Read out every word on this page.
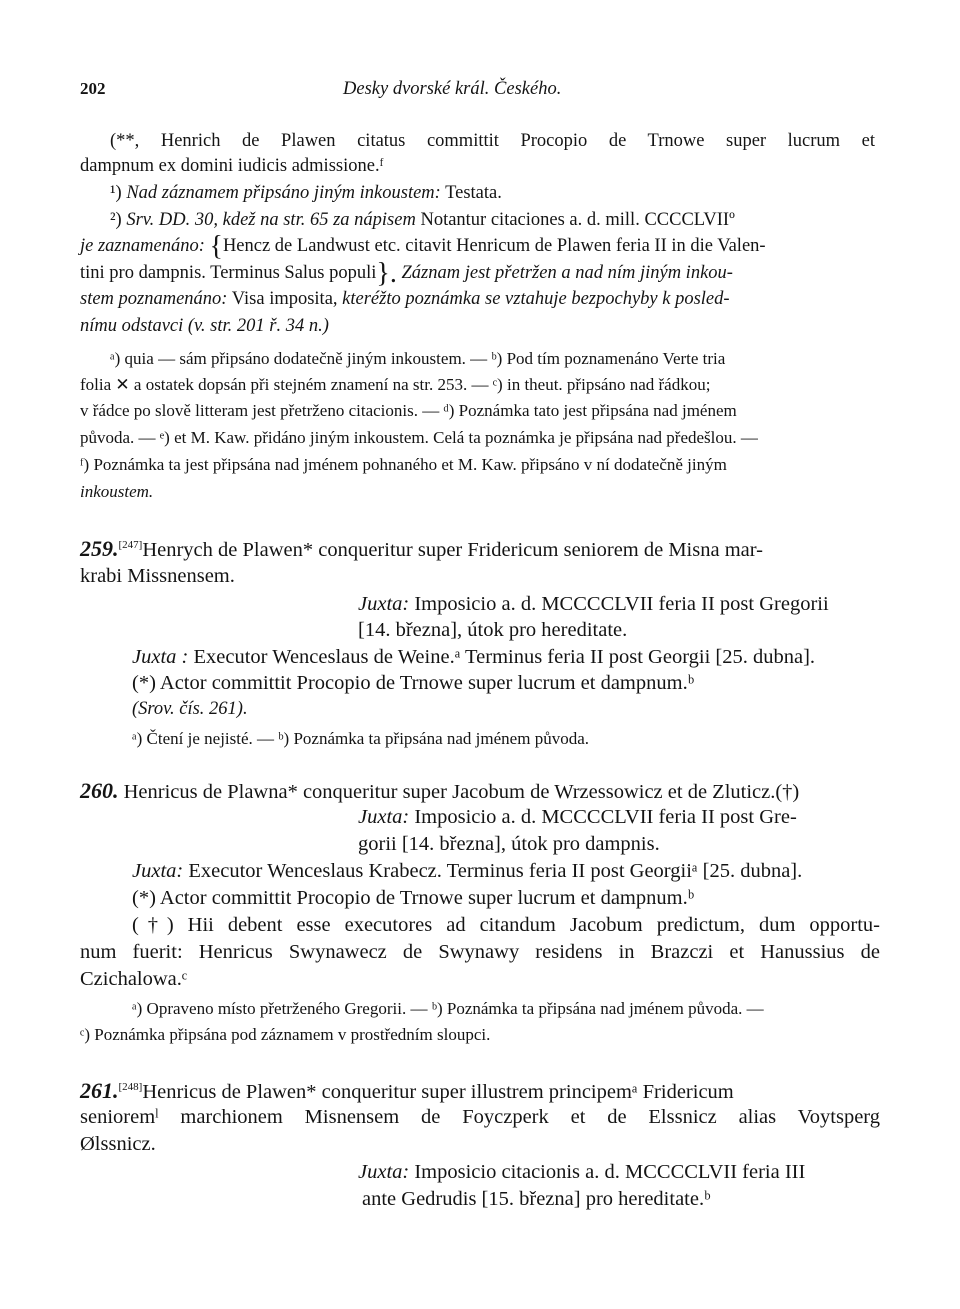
202	Desky dvorské král. Českého.
(**, Henrich de Plawen citatus committit Procopio de Trnowe super lucrum et
dampnum ex domini iudicis admissione.ᶠ
¹) Nad záznamem připsáno jiným inkoustem: Testata.
²) Srv. DD. 30, kdež na str. 65 za nápisem Notantur citaciones a. d. mill. CCCCLVIIº
je zaznamenáno: {Hencz de Landwust etc. citavit Henricum de Plawen feria II in die Valen-
tini pro dampnis. Terminus Salus populi}. Záznam jest přetržen a nad ním jiným inkou-
stem poznamenáno: Visa imposita, kteréžto poznámka se vztahuje bezpochyby k posled-
nímu odstavci (v. str. 201 ř. 34 n.)
ᵃ) quia — sám připsáno dodatečně jiným inkoustem. — ᵇ) Pod tím poznamenáno Verte tria
folia ✕ a ostatek dopsán při stejném znamení na str. 253. — ᶜ) in theut. připsáno nad řádkou;
v řádce po slově litteram jest přetrženo citacionis. — ᵈ) Poznámka tato jest připsána nad jménem
původa. — ᵉ) et M. Kaw. přidáno jiným inkoustem. Celá ta poznámka je připsána nad předešlou. —
ᶠ) Poznámka ta jest připsána nad jménem pohnaného et M. Kaw. připsáno v ní dodatečně jiným
inkoustem.
259.[247]Henrych de Plawen* conqueritur super Fridericum seniorem de Misna mar-
krabi Missnensem.
Juxta: Imposicio a. d. MCCCCLVII feria II post Gregorii
[14. března], útok pro hereditate.
Juxta : Executor Wenceslaus de Weine.ᵃ Terminus feria II post Georgii [25. dubna].
(*) Actor committit Procopio de Trnowe super lucrum et dampnum.ᵇ
(Srov. čís. 261).
ᵃ) Čtení je nejisté. — ᵇ) Poznámka ta připsána nad jménem původa.
260. Henricus de Plawna* conqueritur super Jacobum de Wrzessowicz et de Zluticz.(†)
Juxta: Imposicio a. d. MCCCCLVII feria II post Gre-
gorii [14. března], útok pro dampnis.
Juxta: Executor Wenceslaus Krabecz. Terminus feria II post Georgiiᵃ [25. dubna].
(*) Actor committit Procopio de Trnowe super lucrum et dampnum.ᵇ
(†) Hii debent esse executores ad citandum Jacobum predictum, dum opportu-
num fuerit: Henricus Swynawecz de Swynawy residens in Brazczi et Hanussius de
Czichalowa.ᶜ
ᵃ) Opraveno místo přetrženého Gregorii. — ᵇ) Poznámka ta připsána nad jménem původa. —
ᶜ) Poznámka připsána pod záznamem v prostředním sloupci.
261.[248]Henricus de Plawen* conqueritur super illustrem principemᵃ Fridericum
senioremˡ marchionem Misnensem de Foyczperk et de Elssnicz alias Voytsperg
Ølssnicz.
Juxta: Imposicio citacionis a. d. MCCCCLVII feria III
ante Gedrudis [15. března] pro hereditate.ᵇ
